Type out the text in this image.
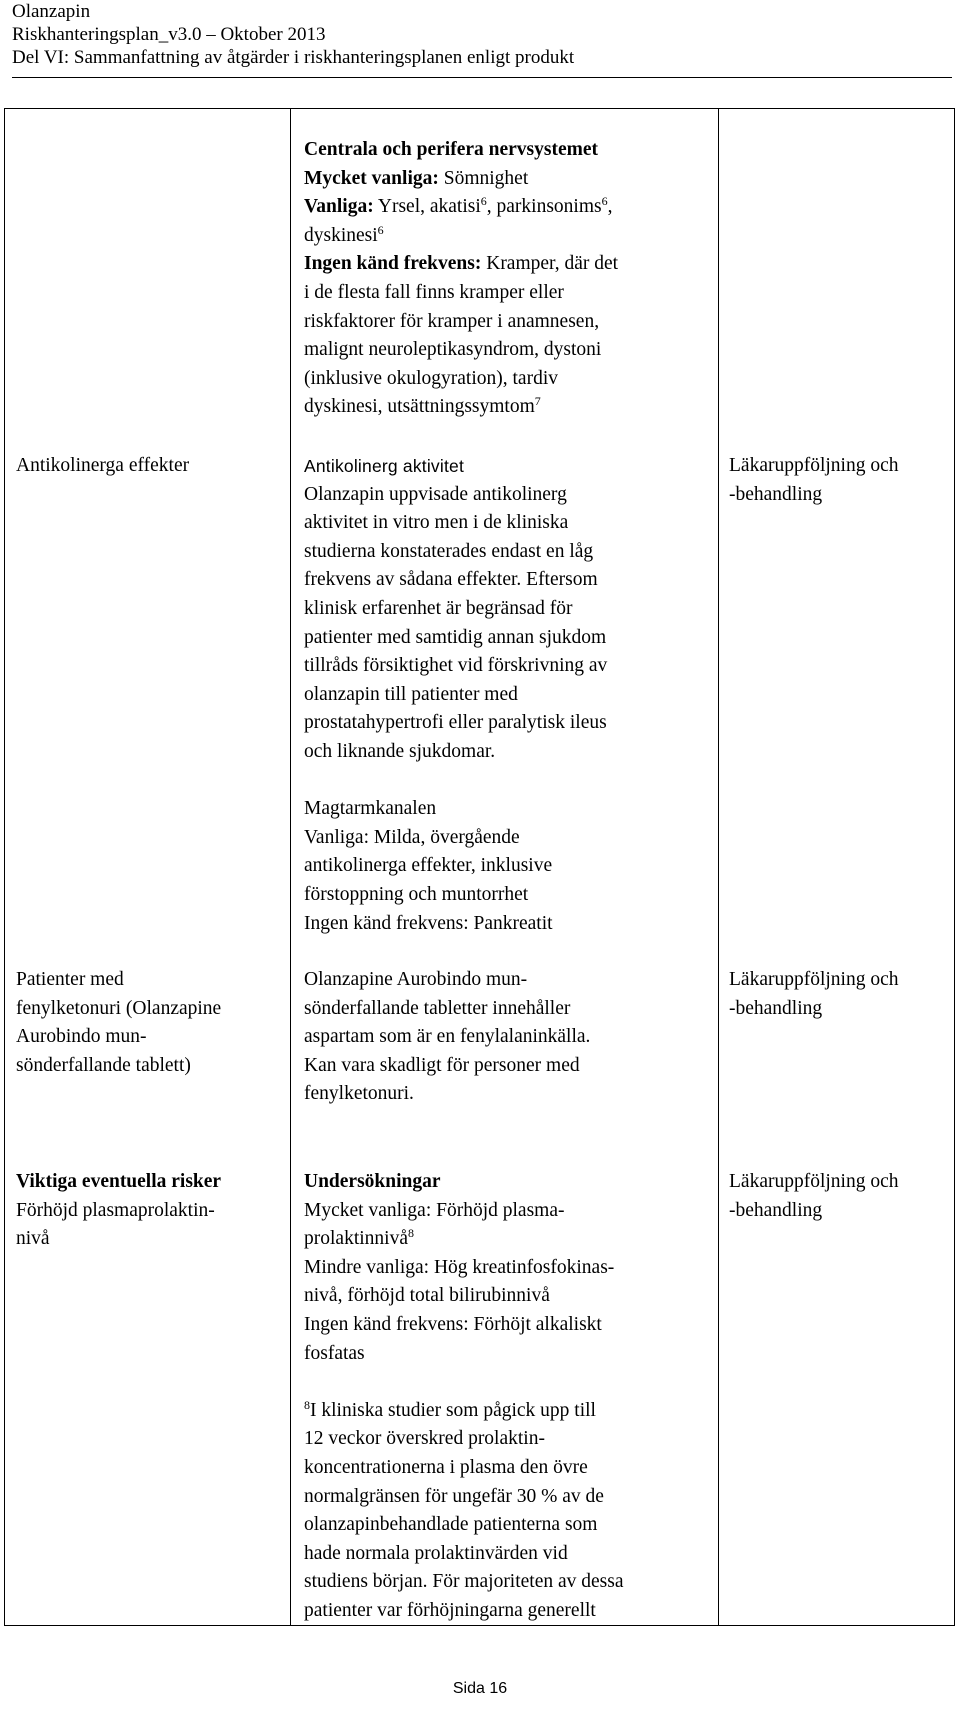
Olanzapin
Riskhanteringsplan_v3.0 – Oktober 2013
Del VI: Sammanfattning av åtgärder i riskhanteringsplanen enligt produkt
Centrala och perifera nervsystemet
Mycket vanliga: Sömnighet
Vanliga: Yrsel, akatisi$^6$, parkinsonims$^6$,
dyskinesi$^6$
Ingen känd frekvens: Kramper, där det
i de flesta fall finns kramper eller
riskfaktorer för kramper i anamnesen,
malignt neuroleptikasyndrom, dystoni
(inklusive okulogyration), tardiv
dyskinesi, utsättningssymtom$^7$
Antikolinerga effekter	Antikolinerg aktivitet
Olanzapin uppvisade antikolinerg
aktivitet in vitro men i de kliniska
studierna konstaterades endast en låg
frekvens av sådana effekter. Eftersom
klinisk erfarenhet är begränsad för
patienter med samtidig annan sjukdom
tillråds försiktighet vid förskrivning av
olanzapin till patienter med
prostatahypertrofi eller paralytisk ileus
och liknande sjukdomar.

Magtarmkanalen
Vanliga: Milda, övergående
antikolinerga effekter, inklusive
förstoppning och muntorrhet
Ingen känd frekvens: Pankreatit
Läkaruppföljning och
-behandling
Patienter med
fenylketonuri (Olanzapine
Aurobindo mun-
sönderfallande tablett)
Olanzapine Aurobindo mun-
sönderfallande tabletter innehåller
aspartam som är en fenylalaninkälla.
Kan vara skadligt för personer med
fenylketonuri.
Läkaruppföljning och
-behandling
Viktiga eventuella risker
Förhöjd plasmaprolaktin-
nivå
Undersökningar
Mycket vanliga: Förhöjd plasma-
prolaktinnivå$^8$
Mindre vanliga: Hög kreatinfosfokinas-
nivå, förhöjd total bilirubinnivå
Ingen känd frekvens: Förhöjt alkaliskt
fosfatas

$^8$I kliniska studier som pågick upp till
12 veckor överskred prolaktin-
koncentrationerna i plasma den övre
normalgränsen för ungefär 30 % av de
olanzapinbehandlade patienterna som
hade normala prolaktinvärden vid
studiens början. För majoriteten av dessa
patienter var förhöjningarna generellt
Läkaruppföljning och
-behandling
Sida 16
